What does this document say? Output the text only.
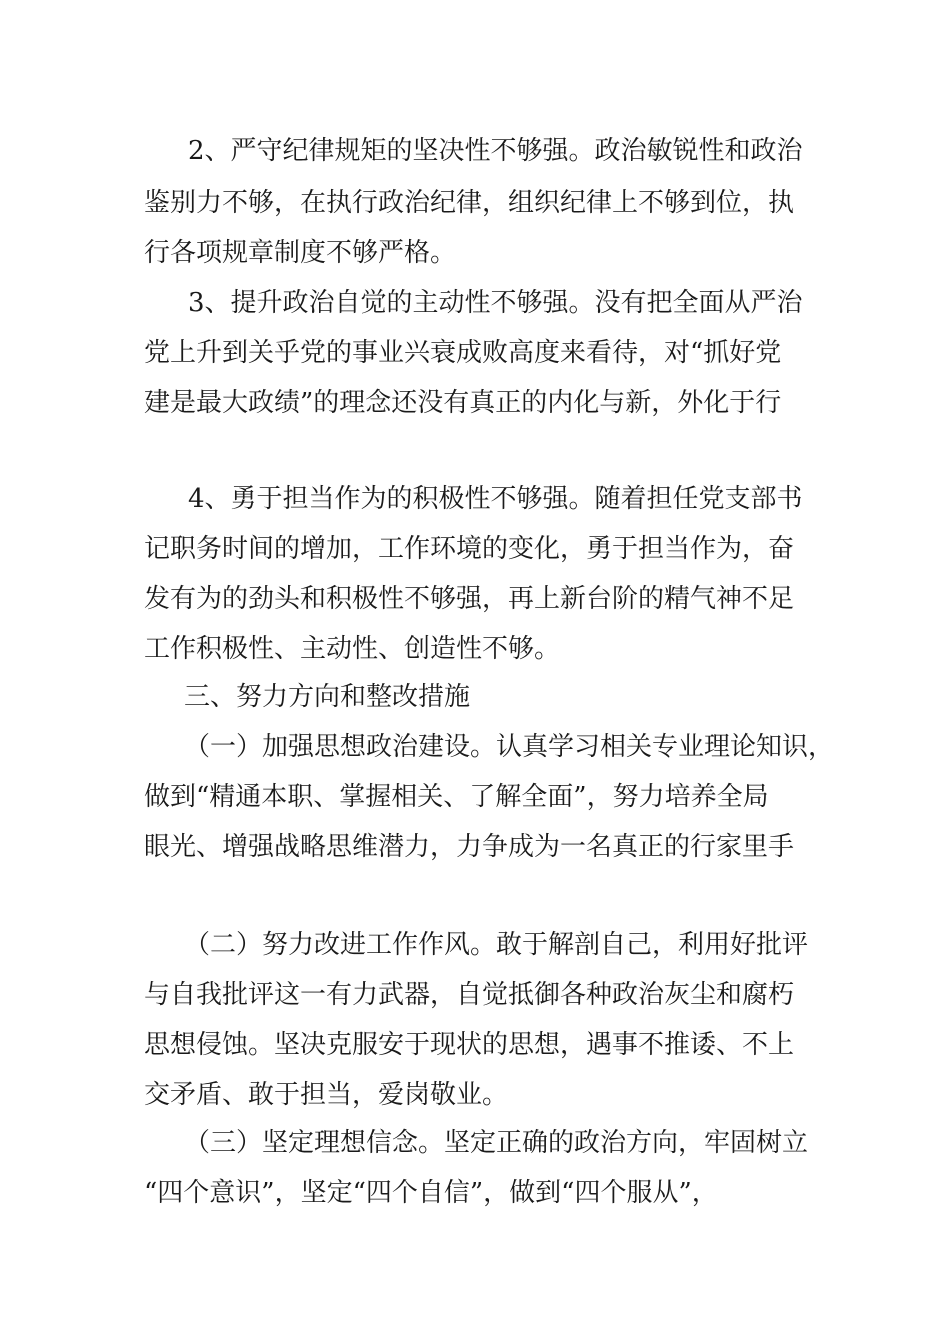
2、严守纪律规矩的坚决性不够强。政治敏锐性和政治
鉴别力不够，在执行政治纪律，组织纪律上不够到位，执
行各项规章制度不够严格。
3、提升政治自觉的主动性不够强。没有把全面从严治
党上升到关乎党的事业兴衰成败高度来看待，对“抓好党
建是最大政绩”的理念还没有真正的内化与新，外化于行
4、勇于担当作为的积极性不够强。随着担任党支部书
记职务时间的增加，工作环境的变化，勇于担当作为，奋
发有为的劲头和积极性不够强，再上新台阶的精气神不足
工作积极性、主动性、创造性不够。
三、努力方向和整改措施
（一）加强思想政治建设。认真学习相关专业理论知识，
做到“精通本职、掌握相关、了解全面”，努力培养全局
眼光、增强战略思维潜力，力争成为一名真正的行家里手
（二）努力改进工作作风。敢于解剖自己，利用好批评
与自我批评这一有力武器，自觉抵御各种政治灰尘和腐朽
思想侵蚀。坚决克服安于现状的思想，遇事不推诿、不上
交矛盾、敢于担当，爱岗敬业。
（三）坚定理想信念。坚定正确的政治方向，牢固树立
“四个意识”，坚定“四个自信”，做到“四个服从”，
